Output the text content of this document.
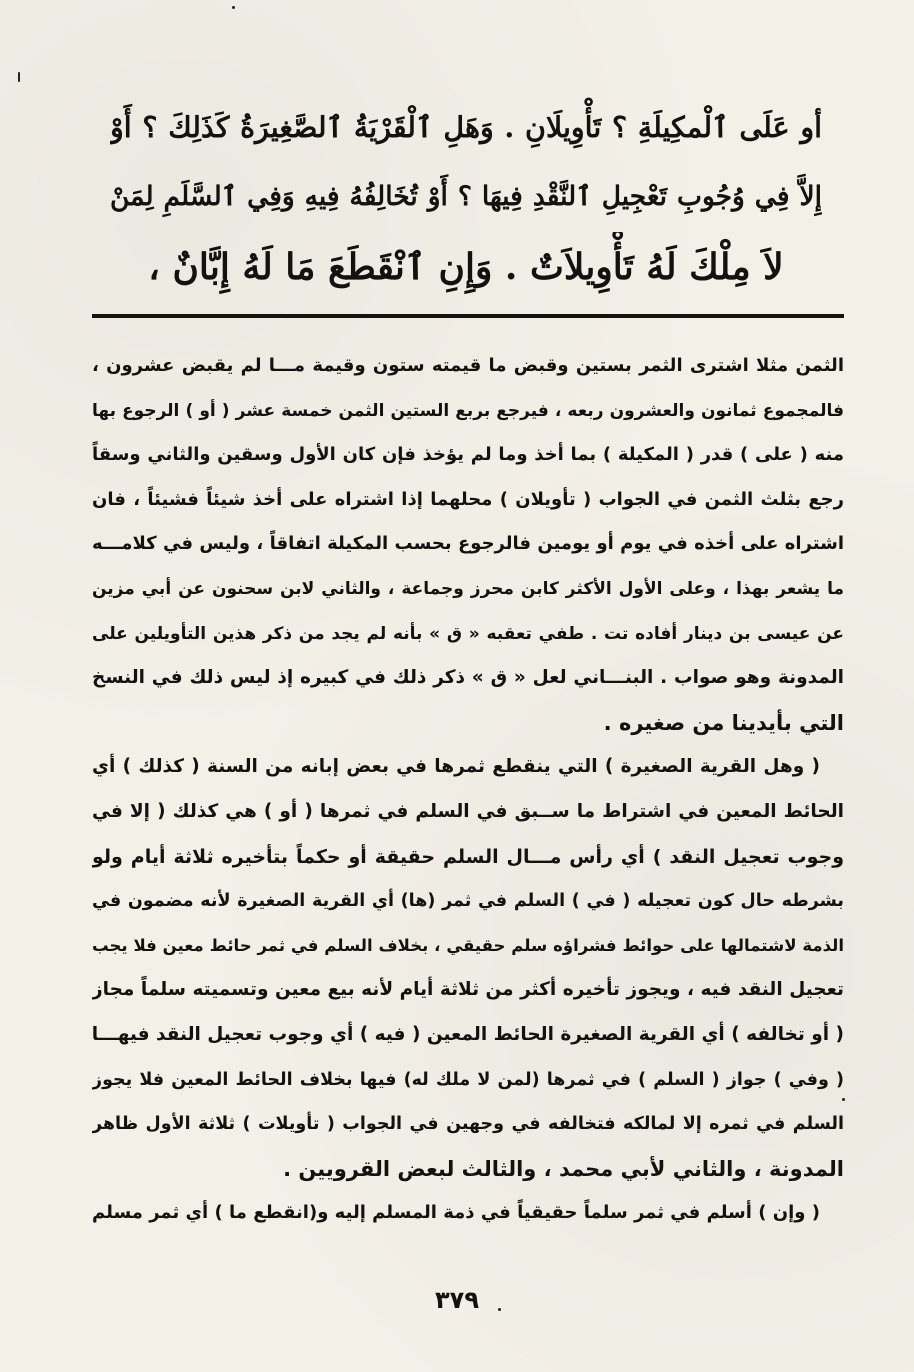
أو عَلَى ٱلْمكِيلَةِ ؟ تَأْوِيلَانِ . وَهَلِ ٱلْقَرْيَةُ ٱلصَّغِيرَةُ كَذَلِكَ ؟ أَوْ
إِلاَّ فِي وُجُوبِ تَعْجِيلِ ٱلنَّقْدِ فِيهَا ؟ أَوْ تُخَالِفُهُ فِيهِ وَفِي ٱلسَّلَمِ لِمَنْ
لاَ مِلْكَ لَهُ تَأْوِيلاَتٌ . وَإِنِ ٱنْقَطَعَ مَا لَهُ إِبَّانٌ ،
الثمن مثلا اشترى الثمر بستين وقبض ما قيمته ستون وقيمة مـــا لم يقبض عشرون ،
فالمجموع ثمانون والعشرون ربعه ، فيرجع بربع الستين الثمن خمسة عشر ( أو ) الرجوع بها
منه ( على ) قدر ( المكيلة ) بما أخذ وما لم يؤخذ فإن كان الأول وسقين والثاني وسقاً
رجع بثلث الثمن في الجواب ( تأويلان ) محلهما إذا اشتراه على أخذ شيئاً فشيئاً ، فان
اشتراه على أخذه في يوم أو يومين فالرجوع بحسب المكيلة اتفاقاً ، وليس في كلامـــه
ما يشعر بهذا ، وعلى الأول الأكثر كابن محرز وجماعة ، والثاني لابن سحنون عن أبي مزين
عن عيسى بن دينار أفاده تت . طفي تعقبه « ق » بأنه لم يجد من ذكر هذين التأويلين على
المدونة وهو صواب . البنـــاني لعل « ق » ذكر ذلك في كبيره إذ ليس ذلك في النسخ
التي بأيدينا من صغيره .
( وهل القرية الصغيرة ) التي ينقطع ثمرها في بعض إبانه من السنة ( كذلك ) أي
الحائط المعين في اشتراط ما ســبق في السلم في ثمرها ( أو ) هي كذلك ( إلا في
وجوب تعجيل النقد ) أي رأس مـــال السلم حقيقة أو حكماً بتأخيره ثلاثة أيام ولو
بشرطه حال كون تعجيله ( في ) السلم في ثمر (ها) أي القرية الصغيرة لأنه مضمون في
الذمة لاشتمالها على حوائط فشراؤه سلم حقيقي ، بخلاف السلم في ثمر حائط معين فلا يجب
تعجيل النقد فيه ، ويجوز تأخيره أكثر من ثلاثة أيام لأنه بيع معين وتسميته سلماً مجاز
( أو تخالفه ) أي القرية الصغيرة الحائط المعين ( فيه ) أي وجوب تعجيل النقد فيهـــا
( وفي ) جواز ( السلم ) في ثمرها (لمن لا ملك له) فيها بخلاف الحائط المعين فلا يجوز
السلم في ثمره إلا لمالكه فتخالفه في وجهين في الجواب ( تأويلات ) ثلاثة الأول ظاهر
المدونة ، والثاني لأبي محمد ، والثالث لبعض القرويين .
( وإن ) أسلم في ثمر سلماً حقيقياً في ذمة المسلم إليه و(انقطع ما ) أي ثمر مسلم
٣٧٩
